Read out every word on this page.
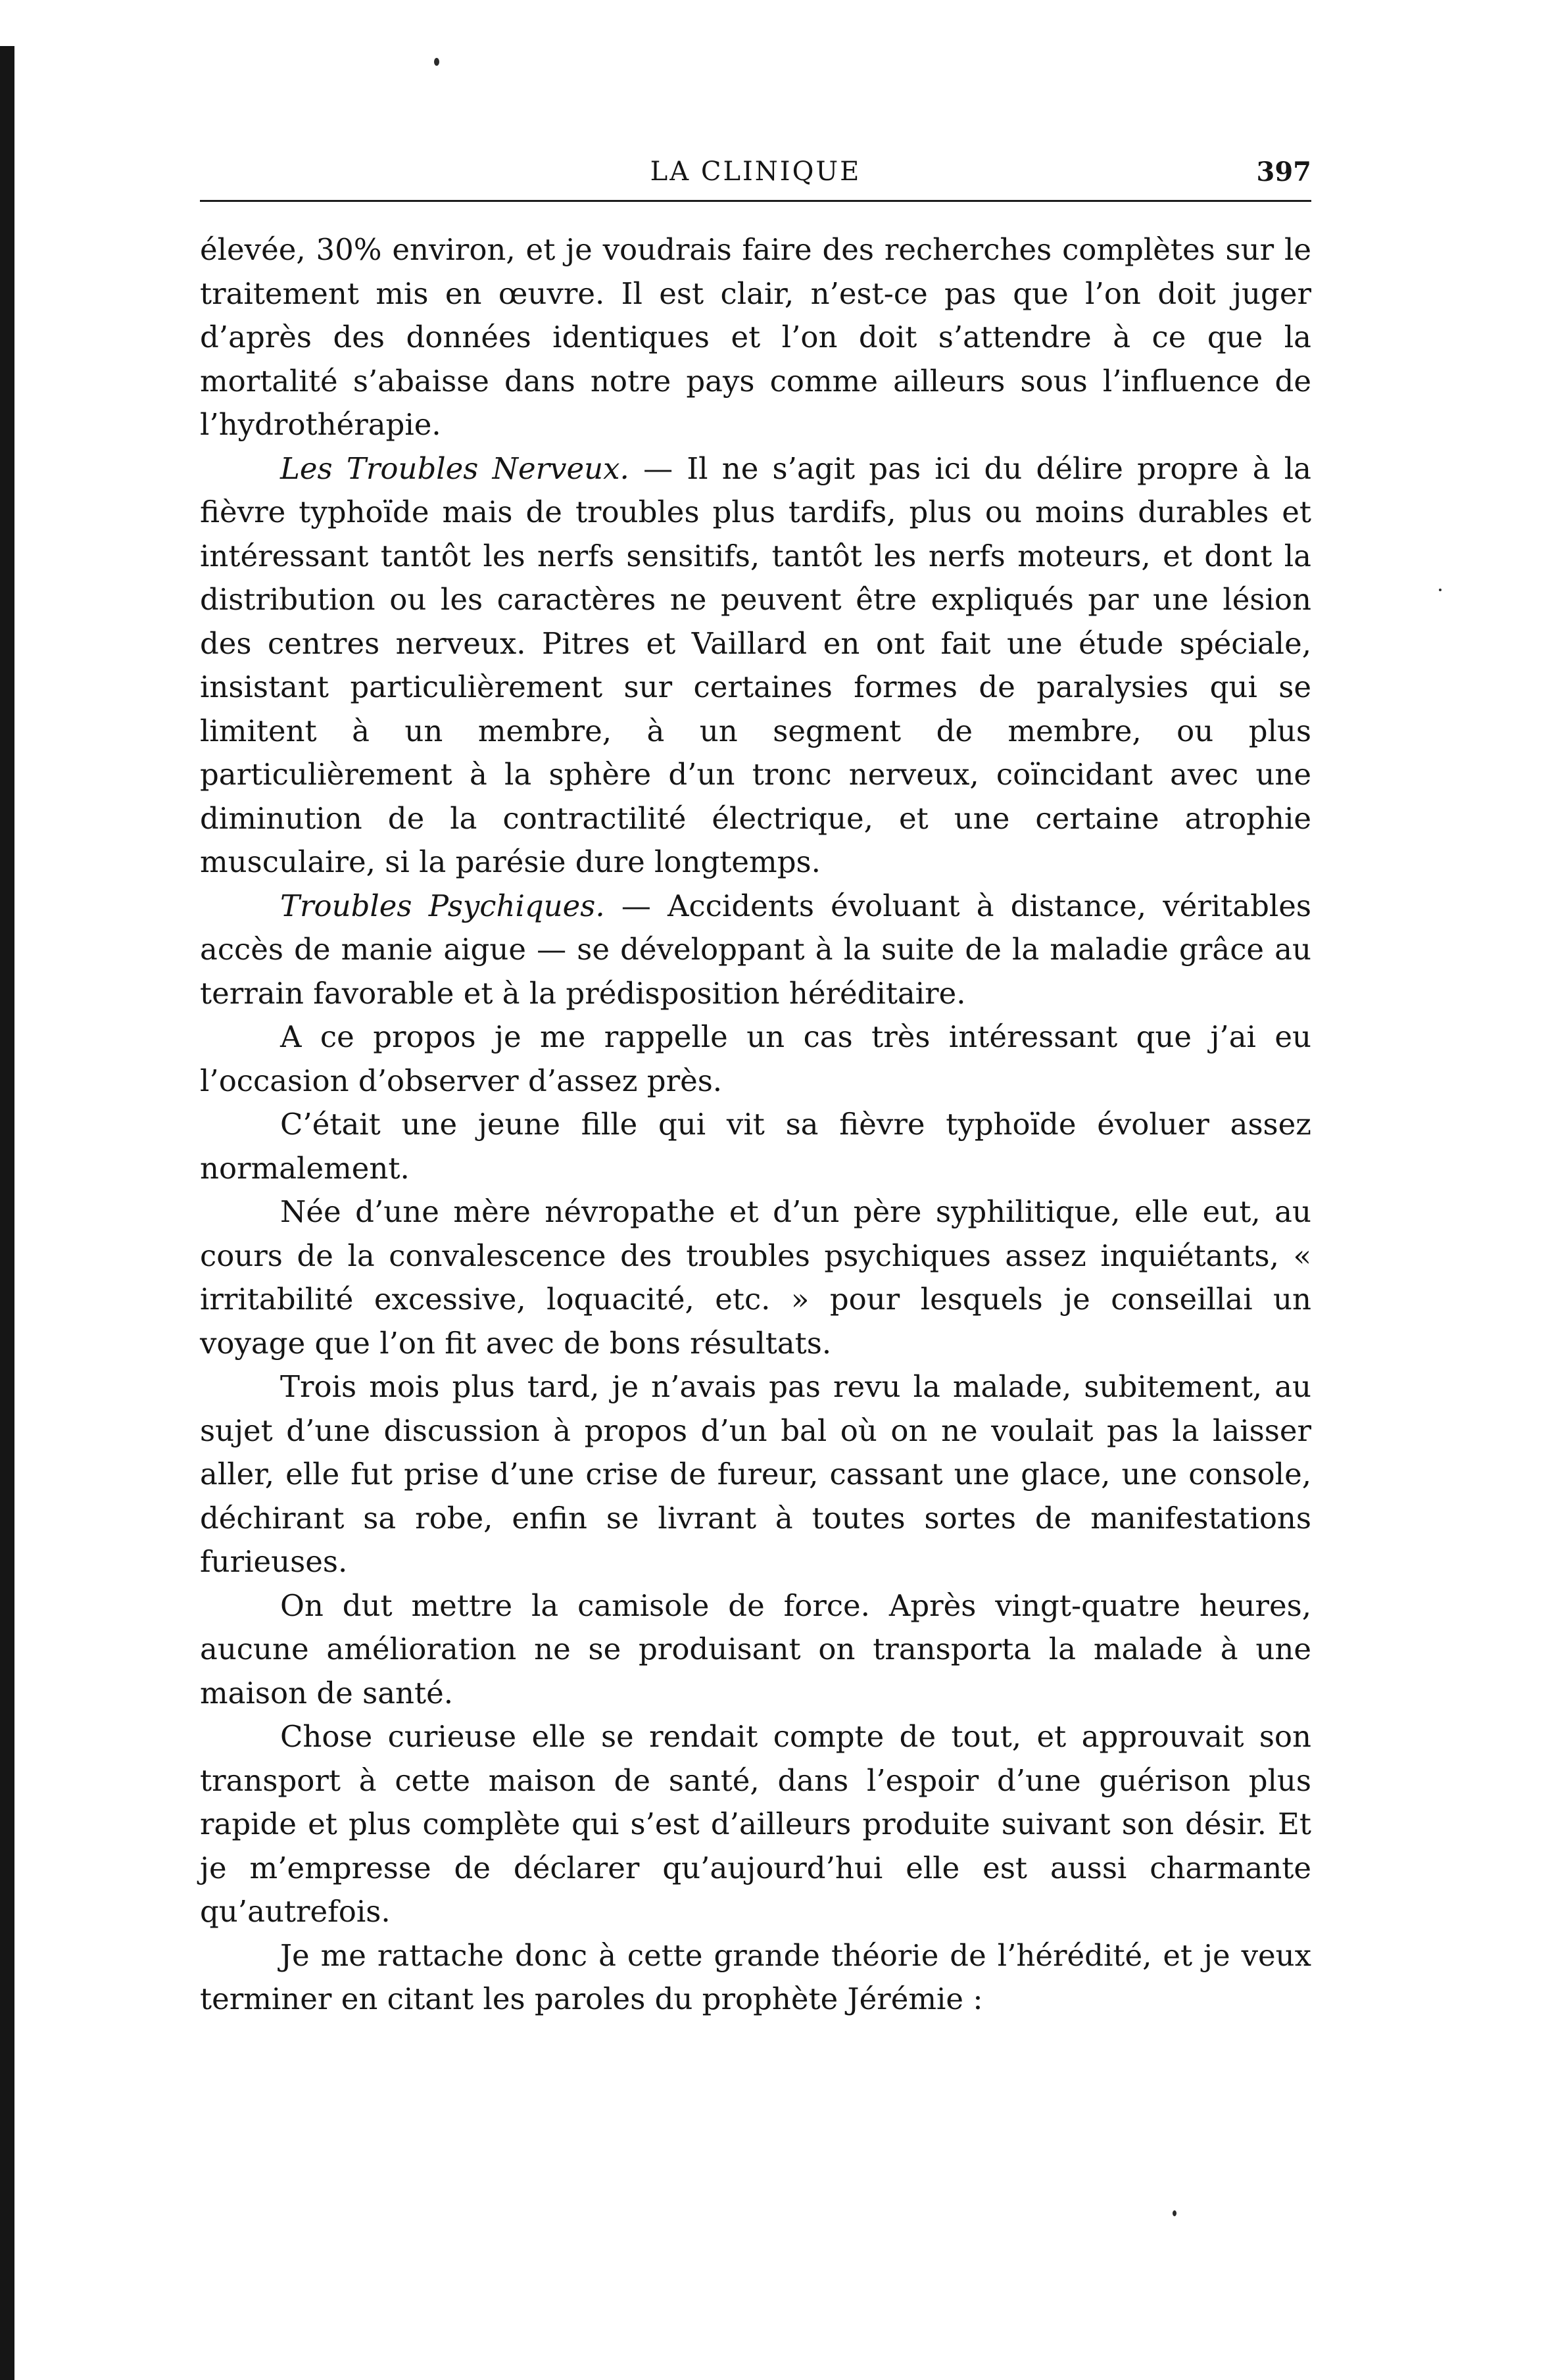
LA CLINIQUE	397

élevée, 30% environ, et je voudrais faire des recherches complètes sur le traitement mis en œuvre. Il est clair, n’est-ce pas que l’on doit juger d’après des données identiques et l’on doit s’attendre à ce que la mortalité s’abaisse dans notre pays comme ailleurs sous l’influence de l’hydrothérapie.

Les Troubles Nerveux. — Il ne s’agit pas ici du délire propre à la fièvre typhoïde mais de troubles plus tardifs, plus ou moins durables et intéressant tantôt les nerfs sensitifs, tantôt les nerfs moteurs, et dont la distribution ou les caractères ne peuvent être expliqués par une lésion des centres nerveux. Pitres et Vaillard en ont fait une étude spéciale, insistant particulièrement sur certaines formes de paralysies qui se limitent à un membre, à un segment de membre, ou plus particulièrement à la sphère d’un tronc nerveux, coïncidant avec une diminution de la contractilité électrique, et une certaine atrophie musculaire, si la parésie dure longtemps.

Troubles Psychiques. — Accidents évoluant à distance, véritables accès de manie aigue — se développant à la suite de la maladie grâce au terrain favorable et à la prédisposition héréditaire.

A ce propos je me rappelle un cas très intéressant que j’ai eu l’occasion d’observer d’assez près.

C’était une jeune fille qui vit sa fièvre typhoïde évoluer assez normalement.

Née d’une mère névropathe et d’un père syphilitique, elle eut, au cours de la convalescence des troubles psychiques assez inquiétants, « irritabilité excessive, loquacité, etc. » pour lesquels je conseillai un voyage que l’on fit avec de bons résultats.

Trois mois plus tard, je n’avais pas revu la malade, subitement, au sujet d’une discussion à propos d’un bal où on ne voulait pas la laisser aller, elle fut prise d’une crise de fureur, cassant une glace, une console, déchirant sa robe, enfin se livrant à toutes sortes de manifestations furieuses.

On dut mettre la camisole de force. Après vingt-quatre heures, aucune amélioration ne se produisant on transporta la malade à une maison de santé.

Chose curieuse elle se rendait compte de tout, et approuvait son transport à cette maison de santé, dans l’espoir d’une guérison plus rapide et plus complète qui s’est d’ailleurs produite suivant son désir. Et je m’empresse de déclarer qu’aujourd’hui elle est aussi charmante qu’autrefois.

Je me rattache donc à cette grande théorie de l’hérédité, et je veux terminer en citant les paroles du prophète Jérémie :
